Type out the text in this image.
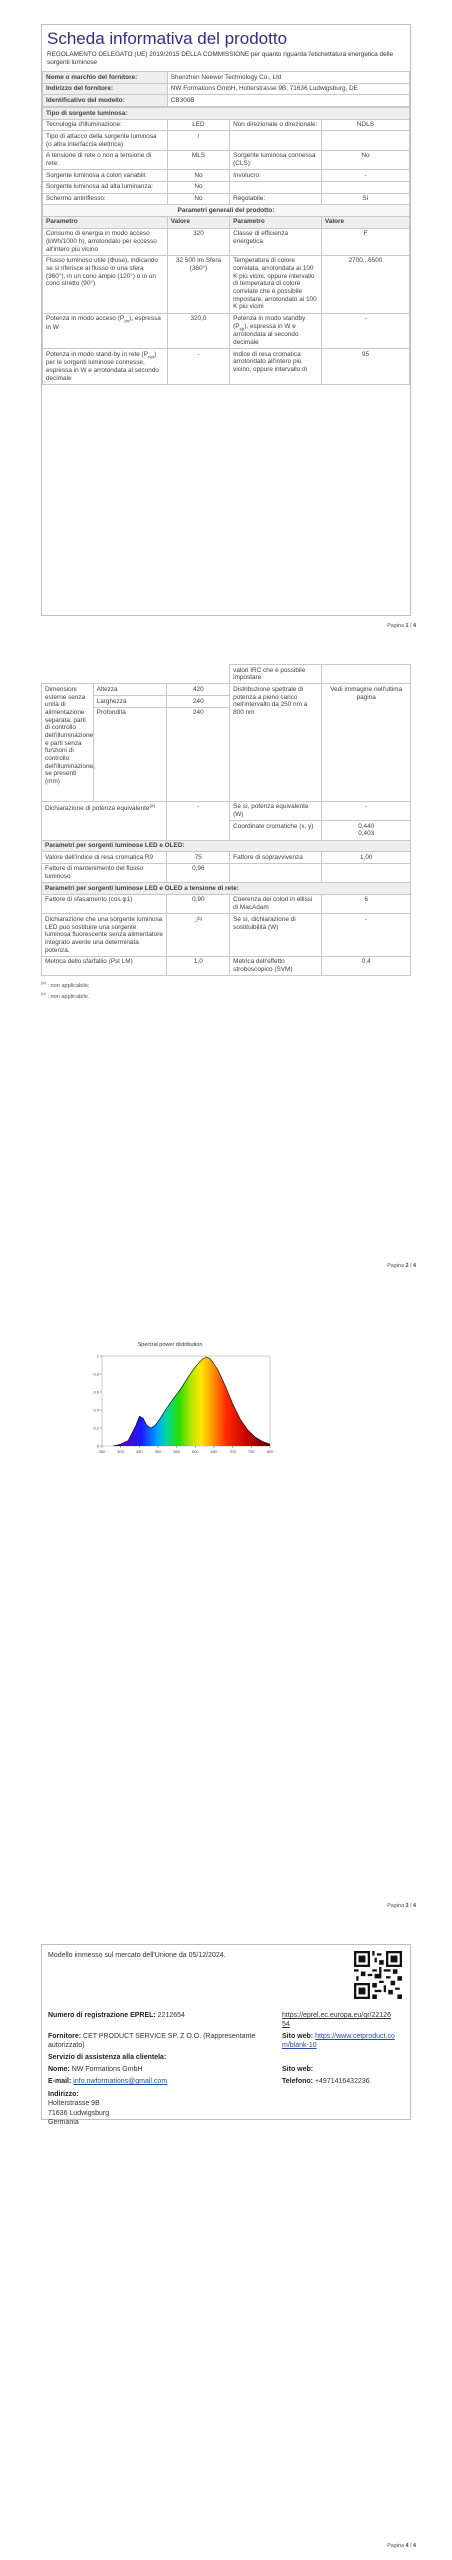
Scheda informativa del prodotto
REGOLAMENTO DELEGATO (UE) 2019/2015 DELLA COMMISSIONE per quanto riguarda l'etichettatura energetica delle sorgenti luminose
Nome o marchio del fornitore:	Shenzhen Neewer Technology Co., Ltd
Indirizzo del fornitore:	NW Formations GmbH, Holterstrasse 9B, 71636 Ludwigsburg, DE
Identificativo del modello:	CB300B
Tipo di sorgente luminosa:			
Tecnologia d'illuminazione:	LED	Non direzionale o direzionale:	NDLS
Tipo di attacco della sorgente luminosa (o altra interfaccia elettrica)	/		
A tensione di rete o non a tensione di rete:	MLS	Sorgente luminosa connessa (CLS):	No
Sorgente luminosa a colori variabili:	No	Involucro:	-
Sorgente luminosa ad alta luminanza:	No		
Schermo antiriflesso:	No	Regolabile:	Sì
Parametri generali del prodotto:			
Parametro	Valore	Parametro	Valore
Consumo di energia in modo acceso (kWh/1000 h), arrotondato per eccesso all'intero più vicino	320	Classe di efficienza energetica	F
Flusso luminoso utile (Φuse), indicando se si riferisce al flusso in una sfera (360°), in un cono ampio (120°) o in un cono stretto (90°)	32 500 lm Sfera (360°)	Temperatura di colore correlata, arrotondata ai 100 K più vicini, oppure intervallo di temperatura di colore correlate che è possibile impostare, arrotondato ai 100 K più vicini	2700...6500
Potenza in modo acceso $(P_{on})$, espressa in W	320,0	Potenza in modo standby $(P_{sb})$, espressa in W e arrotondata al secondo decimale	-
Potenza in modo stand-by in rete $(P_{net})$ per le sorgenti luminose connesse, espressa in W e arrotondata al secondo decimale	-	Indice di resa cromatica arrotondato all'intero più vicino, oppure intervallo di	95
Pagina 1 / 4
			valori IRC che è possibile impostare	
Dimensioni esterne senza unità di alimentazione separata, parti di controllo dell'illuminazione e parti senza funzioni di controllo dell'illuminazione, se presenti (mm)	Altezza	420	Distribuzione spettrale di potenza a pieno carico nell'intervallo da 250 nm a 800 nm	Vedi immagine nell'ultima pagina
	Larghezza	240		
	Profondità	240		
Dichiarazione di potenza equivalente$^{(a)}$		-	Se sì, potenza equivalente (W)	-
			Coordinate cromatiche (x, y)	0,440
0,403

Parametri per sorgenti luminose LED e OLED:				
Valore dell'indice di resa cromatica R9		75	Fattore di sopravvivenza	1,00
Fattore di mantenimento del flusso luminoso		0,96		
Parametri per sorgenti luminose LED e OLED a tensione di rete:				
Fattore di sfasamento (cos φ1)		0,90	Coerenza dei colori in ellissi di MacAdam	6
Dichiarazione che una sorgente luminosa LED può sostituire una sorgente luminosa fluorescente senza alimentatore integrato avente una determinata potenza.		-$^{(b)}$	Se sì, dichiarazione di sostituibilità (W)	-
Metrica dello sfarfallio (Pst LM)		1,0	Metrica dell'effetto stroboscopico (SVM)	0,4
$^{(a)}$ : non applicabile;
$^{(b)}$ : non applicabile.
Pagina 2 / 4
Spectral power distribution
350	400	450	500	550	600	650	700	750	800
0
0.2
0.4
0.6
0.8
1
Pagina 3 / 4
Modello immesso sul mercato dell'Unione da 05/12/2024.
Numero di registrazione EPREL: 2212654	https://eprel.ec.europa.eu/qr/2212654
Fornitore: CET PRODUCT SERVICE SP. Z O.O. (Rappresentante autorizzato)
Sito web: https://www.cetproduct.com/blank-10
Servizio di assistenza alla clientela:
Nome: NW Formations GmbH	Sito web:
E-mail: info.nwformations@gmail.com	Telefono: +4971416432236
Indirizzo:
Holterstrasse 9B
71636 Ludwigsburg
Germania
Pagina 4 / 4
